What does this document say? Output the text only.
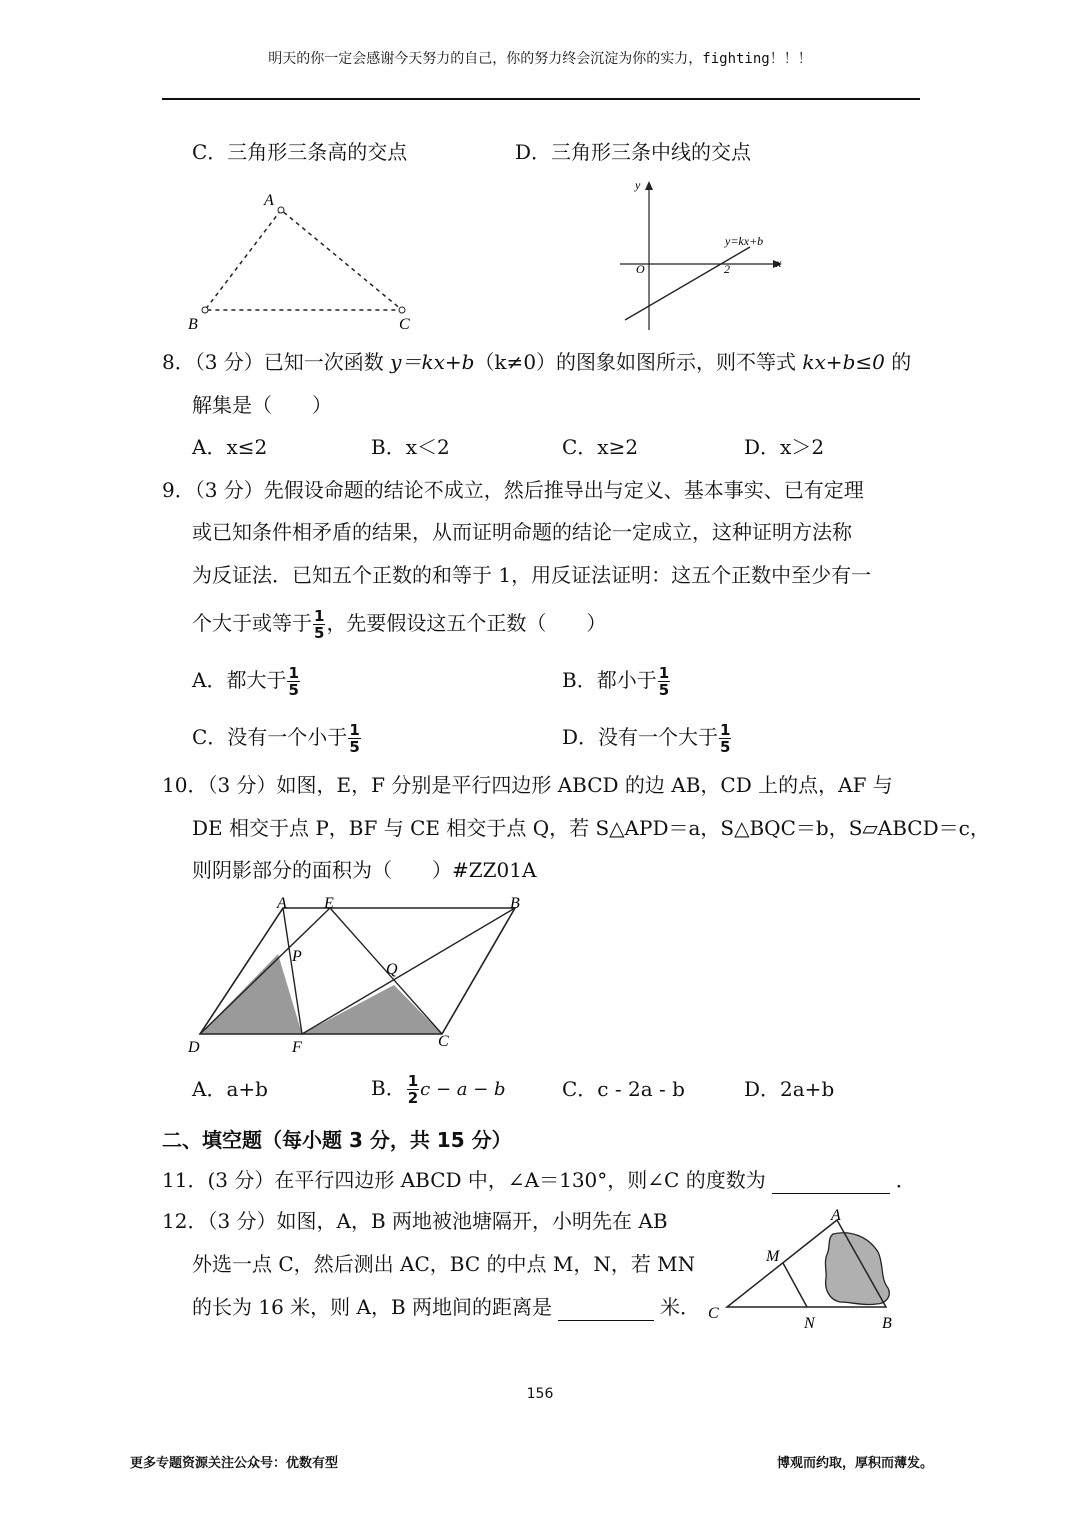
明天的你一定会感谢今天努力的自己，你的努力终会沉淀为你的实力，fighting！！！
C．三角形三条高的交点	D．三角形三条中线的交点
A
B	C
y
x
O	2
y=kx+b
8．（3 分）已知一次函数 y＝kx+b（k≠0）的图象如图所示，则不等式 kx+b≤0 的
解集是（　　）
A．x≤2	B．x＜2	C．x≥2	D．x＞2
9．（3 分）先假设命题的结论不成立，然后推导出与定义、基本事实、已有定理
或已知条件相矛盾的结果，从而证明命题的结论一定成立，这种证明方法称
为反证法．已知五个正数的和等于 1，用反证法证明：这五个正数中至少有一
个大于或等于 $\frac{1}{5}$ ，先要假设这五个正数（　　）
A．都大于 $\frac{1}{5}$	B．都小于 $\frac{1}{5}$
C．没有一个小于 $\frac{1}{5}$	D．没有一个大于 $\frac{1}{5}$
10．（3 分）如图，E，F 分别是平行四边形 ABCD 的边 AB，CD 上的点，AF 与
DE 相交于点 P，BF 与 CE 相交于点 Q，若 S△APD＝a，S△BQC＝b，S▱ABCD＝c，
则阴影部分的面积为（　　）#ZZ01A
A E	B
P
Q
D	F	C
A．a+b	B． $\frac{1}{2}$ c − a − b	C．c - 2a - b	D．2a+b
二、填空题（每小题 3 分，共 15 分）
11．(3 分）在平行四边形 ABCD 中，∠A＝130°，则∠C 的度数为	．
12．（3 分）如图，A，B 两地被池塘隔开，小明先在 AB
外选一点 C，然后测出 AC，BC 的中点 M，N，若 MN
的长为 16 米，则 A，B 两地间的距离是	米．
A
M
C
N	B
156
更多专题资源关注公众号：优数有型	博观而约取，厚积而薄发。
